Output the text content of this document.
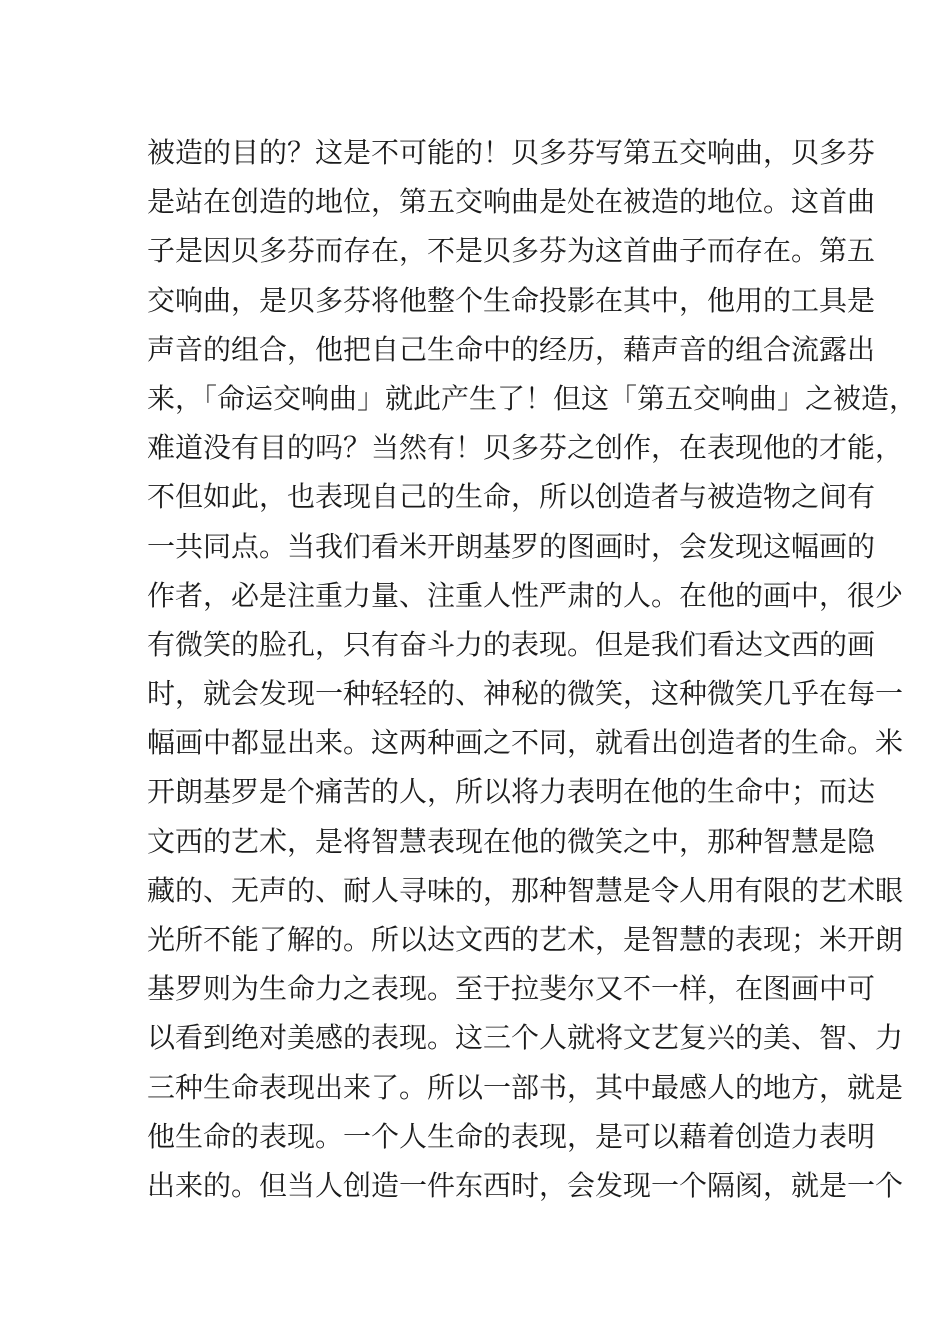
被造的目的？这是不可能的！贝多芬写第五交响曲，贝多芬
是站在创造的地位，第五交响曲是处在被造的地位。这首曲
子是因贝多芬而存在，不是贝多芬为这首曲子而存在。第五
交响曲，是贝多芬将他整个生命投影在其中，他用的工具是
声音的组合，他把自己生命中的经历，藉声音的组合流露出
来，「命运交响曲」就此产生了！但这「第五交响曲」之被造，
难道没有目的吗？当然有！贝多芬之创作，在表现他的才能，
不但如此，也表现自己的生命，所以创造者与被造物之间有
一共同点。当我们看米开朗基罗的图画时，会发现这幅画的
作者，必是注重力量、注重人性严肃的人。在他的画中，很少
有微笑的脸孔，只有奋斗力的表现。但是我们看达文西的画
时，就会发现一种轻轻的、神秘的微笑，这种微笑几乎在每一
幅画中都显出来。这两种画之不同，就看出创造者的生命。米
开朗基罗是个痛苦的人，所以将力表明在他的生命中；而达
文西的艺术，是将智慧表现在他的微笑之中，那种智慧是隐
藏的、无声的、耐人寻味的，那种智慧是令人用有限的艺术眼
光所不能了解的。所以达文西的艺术，是智慧的表现；米开朗
基罗则为生命力之表现。至于拉斐尔又不一样，在图画中可
以看到绝对美感的表现。这三个人就将文艺复兴的美、智、力
三种生命表现出来了。所以一部书，其中最感人的地方，就是
他生命的表现。一个人生命的表现，是可以藉着创造力表明
出来的。但当人创造一件东西时，会发现一个隔阂，就是一个
